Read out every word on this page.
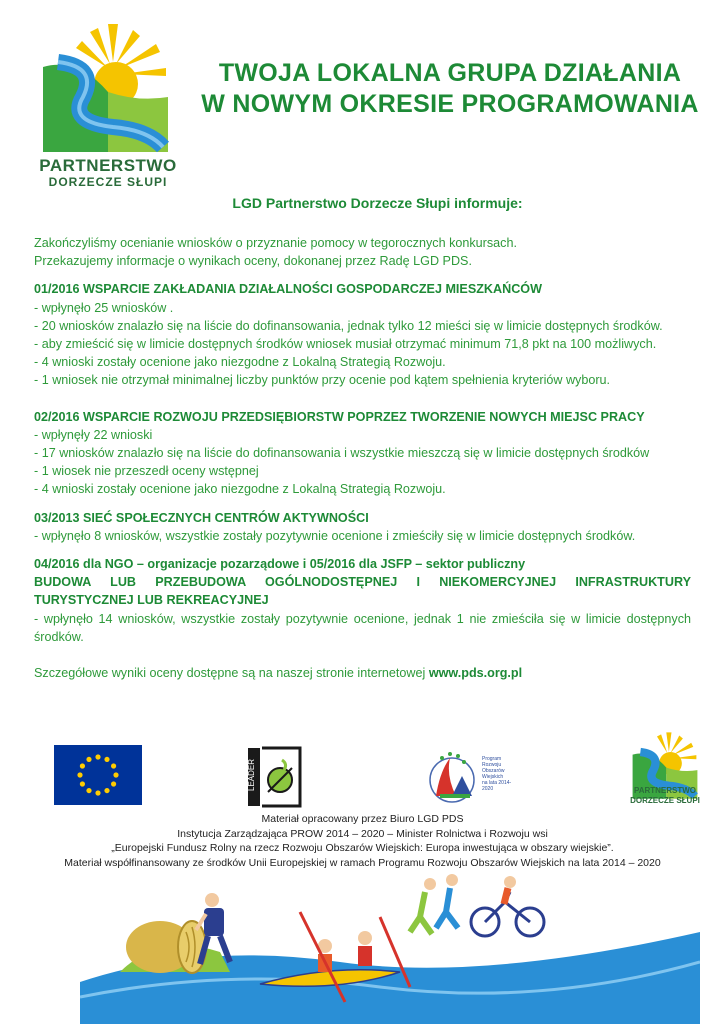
PARTNERSTWO
DORZECZE SŁUPI
TWOJA LOKALNA GRUPA DZIAŁANIA
W NOWYM OKRESIE PROGRAMOWANIA
LGD Partnerstwo Dorzecze Słupi informuje:

Zakończyliśmy ocenianie wniosków o przyznanie pomocy w tegorocznych konkursach.

Przekazujemy informacje o wynikach oceny, dokonanej przez Radę LGD PDS.

01/2016 WSPARCIE ZAKŁADANIA DZIAŁALNOŚCI GOSPODARCZEJ MIESZKAŃCÓW

- wpłynęło 25 wniosków .

- 20 wniosków znalazło się na liście do dofinansowania, jednak tylko 12 mieści się w limicie dostępnych środków.

- aby zmieścić się w limicie dostępnych środków wniosek musiał otrzymać minimum 71,8 pkt na 100 możliwych.

- 4 wnioski zostały ocenione jako niezgodne z Lokalną Strategią Rozwoju.

- 1 wniosek nie otrzymał minimalnej liczby punktów przy ocenie pod kątem spełnienia kryteriów wyboru.

02/2016 WSPARCIE ROZWOJU PRZEDSIĘBIORSTW POPRZEZ TWORZENIE NOWYCH MIEJSC PRACY

- wpłynęły 22 wnioski

- 17 wniosków znalazło się na liście do dofinansowania i wszystkie mieszczą się w limicie dostępnych środków

- 1 wiosek nie przeszedł oceny wstępnej

- 4 wnioski zostały ocenione jako niezgodne z Lokalną Strategią Rozwoju.

03/2013 SIEĆ SPOŁECZNYCH CENTRÓW AKTYWNOŚCI

- wpłynęło 8 wniosków, wszystkie zostały pozytywnie ocenione i zmieściły się w limicie dostępnych środków.

04/2016 dla NGO – organizacje pozarządowe i 05/2016 dla JSFP – sektor publiczny

BUDOWA LUB PRZEBUDOWA OGÓLNODOSTĘPNEJ I NIEKOMERCYJNEJ INFRASTRUKTURY TURYSTYCZNEJ LUB REKREACYJNEJ

- wpłynęło 14 wniosków, wszystkie zostały pozytywnie ocenione, jednak 1 nie zmieściła się w limicie dostępnych środków.

Szczegółowe wyniki oceny dostępne są na naszej stronie internetowej www.pds.org.pl

LEADER	Program
Rozwoju
Obszarów
Wiejskich
na lata 2014-2020	PARTNERSTWO
DORZECZE SŁUPI

Materiał opracowany przez Biuro LGD PDS

Instytucja Zarządzająca PROW 2014 – 2020 – Minister Rolnictwa i Rozwoju wsi

„Europejski Fundusz Rolny na rzecz Rozwoju Obszarów Wiejskich: Europa inwestująca w obszary wiejskie”.

Materiał współfinansowany ze środków Unii Europejskiej w ramach Programu Rozwoju Obszarów Wiejskich na lata 2014 – 2020
